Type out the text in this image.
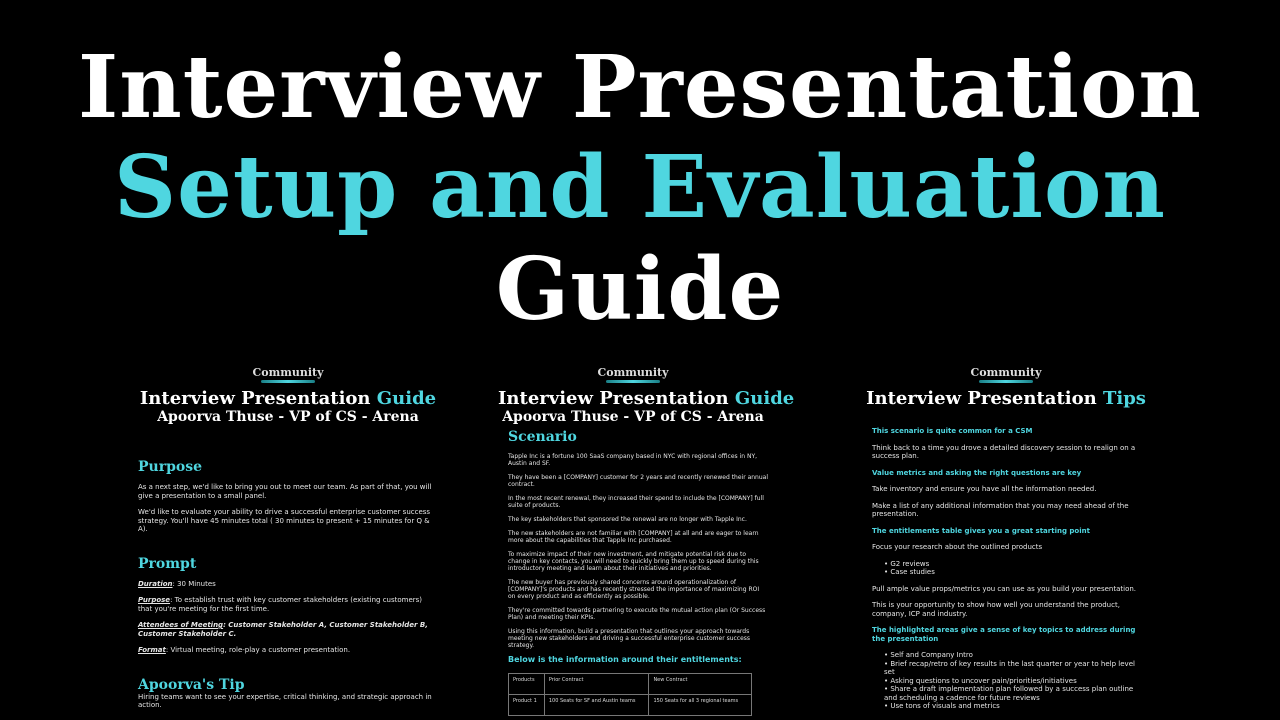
Interview Presentation
Setup and Evaluation
Guide
Community
Interview Presentation Guide
Apoorva Thuse - VP of CS - Arena

Purpose

As a next step, we'd like to bring you out to meet our team. As part of that, you will give a presentation to a small panel.

We'd like to evaluate your ability to drive a successful enterprise customer success strategy. You'll have 45 minutes total ( 30 minutes to present + 15 minutes for Q & A).

Prompt

Duration: 30 Minutes

Purpose: To establish trust with key customer stakeholders (existing customers) that you're meeting for the first time.

Attendees of Meeting: Customer Stakeholder A, Customer Stakeholder B, Customer Stakeholder C.

Format: Virtual meeting, role-play a customer presentation.

Apoorva's Tip

Hiring teams want to see your expertise, critical thinking, and strategic approach in action.

Community
Interview Presentation Guide
Apoorva Thuse - VP of CS - Arena

Scenario

Tapple Inc is a fortune 100 SaaS company based in NYC with regional offices in NY, Austin and SF.

They have been a [COMPANY] customer for 2 years and recently renewed their annual contract.

In the most recent renewal, they increased their spend to include the [COMPANY] full suite of products.

The key stakeholders that sponsored the renewal are no longer with Tapple Inc.

The new stakeholders are not familiar with [COMPANY] at all and are eager to learn more about the capabilities that Tapple Inc purchased.

To maximize impact of their new investment, and mitigate potential risk due to change in key contacts, you will need to quickly bring them up to speed during this introductory meeting and learn about their initiatives and priorities.

The new buyer has previously shared concerns around operationalization of [COMPANY]'s products and has recently stressed the importance of maximizing ROI on every product and as efficiently as possible.

They're committed towards partnering to execute the mutual action plan (Or Success Plan) and meeting their KPIs.

Using this information, build a presentation that outlines your approach towards meeting new stakeholders and driving a successful enterprise customer success strategy.

Below is the information around their entitlements:

Products	Prior Contract	New Contract
Product 1	100 Seats for SF and Austin teams	150 Seats for all 3 regional teams
Community
Interview Presentation Tips

This scenario is quite common for a CSM

Think back to a time you drove a detailed discovery session to realign on a success plan.

Value metrics and asking the right questions are key

Take inventory and ensure you have all the information needed.

Make a list of any additional information that you may need ahead of the presentation.

The entitlements table gives you a great starting point

Focus your research about the outlined products

• G2 reviews
• Case studies

Pull ample value props/metrics you can use as you build your presentation.

This is your opportunity to show how well you understand the product, company, ICP and industry.

The highlighted areas give a sense of key topics to address during the presentation

• Self and Company Intro
• Brief recap/retro of key results in the last quarter or year to help level set
• Asking questions to uncover pain/priorities/initiatives
• Share a draft implementation plan followed by a success plan outline and scheduling a cadence for future reviews
• Use tons of visuals and metrics
